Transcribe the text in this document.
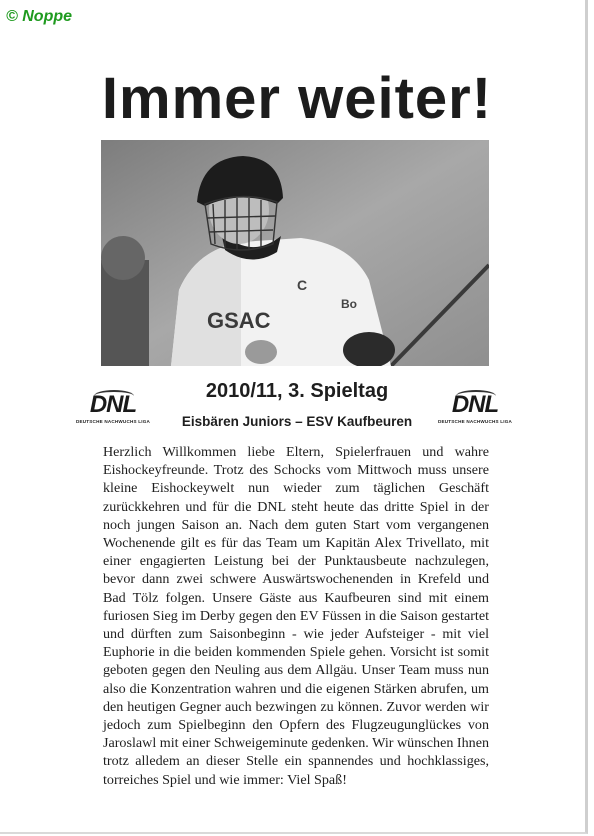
© Noppe
Immer weiter!
GSAC
Bo
C
DNL
DEUTSCHE NACHWUCHS LIGA
DNL
DEUTSCHE NACHWUCHS LIGA
2010/11, 3. Spieltag
Eisbären Juniors – ESV Kaufbeuren
Herzlich Willkommen liebe Eltern, Spielerfrauen und wahre Eishockeyfreunde. Trotz des Schocks vom Mittwoch muss unsere kleine Eishockeywelt nun wieder zum täglichen Geschäft zurückkehren und für die DNL steht heute das dritte Spiel in der noch jungen Saison an. Nach dem guten Start vom vergangenen Wochenende gilt es für das Team um Kapitän Alex Trivellato, mit einer engagierten Leistung bei der Punktausbeute nachzulegen, bevor dann zwei schwere Auswärtswochenenden in Krefeld und Bad Tölz folgen. Unsere Gäste aus Kaufbeuren sind mit einem furiosen Sieg im Derby gegen den EV Füssen in die Saison gestartet und dürften zum Saisonbeginn - wie jeder Aufsteiger - mit viel Euphorie in die beiden kommenden Spiele gehen. Vorsicht ist somit geboten gegen den Neuling aus dem Allgäu. Unser Team muss nun also die Konzentration wahren und die eigenen Stärken abrufen, um den heutigen Gegner auch bezwingen zu können. Zuvor werden wir jedoch zum Spielbeginn den Opfern des Flugzeugunglückes von Jaroslawl mit einer Schweigeminute gedenken. Wir wünschen Ihnen trotz alledem an dieser Stelle ein spannendes und hochklassiges, torreiches Spiel und wie immer: Viel Spaß!
